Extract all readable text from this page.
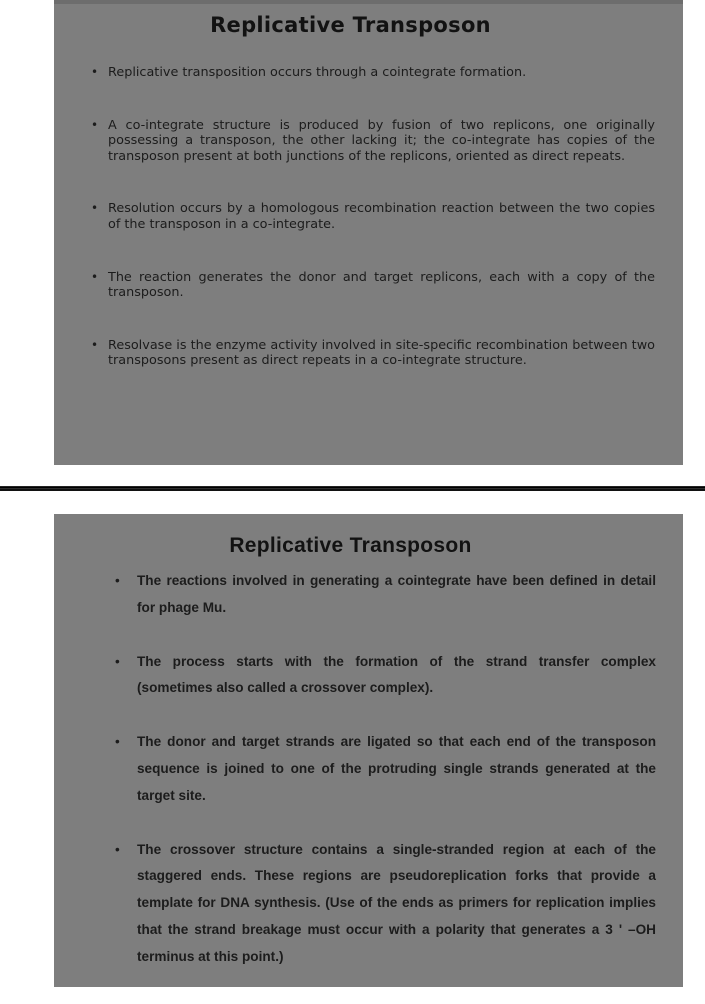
Replicative Transposon
• Replicative transposition occurs through a cointegrate formation.
• A co-integrate structure is produced by fusion of two replicons, one originally possessing a transposon, the other lacking it; the co-integrate has copies of the transposon present at both junctions of the replicons, oriented as direct repeats.
• Resolution occurs by a homologous recombination reaction between the two copies of the transposon in a co-integrate.
• The reaction generates the donor and target replicons, each with a copy of the transposon.
• Resolvase is the enzyme activity involved in site-specific recombination between two transposons present as direct repeats in a co-integrate structure.
Replicative Transposon
•	The reactions involved in generating a cointegrate have been defined in detail for phage Mu.
•	The process starts with the formation of the strand transfer complex (sometimes also called a crossover complex).
•	The donor and target strands are ligated so that each end of the transposon sequence is joined to one of the protruding single strands generated at the target site.
•	The crossover structure contains a single-stranded region at each of the staggered ends. These regions are pseudoreplication forks that provide a template for DNA synthesis. (Use of the ends as primers for replication implies that the strand breakage must occur with a polarity that generates a 3 ' –OH terminus at this point.)
